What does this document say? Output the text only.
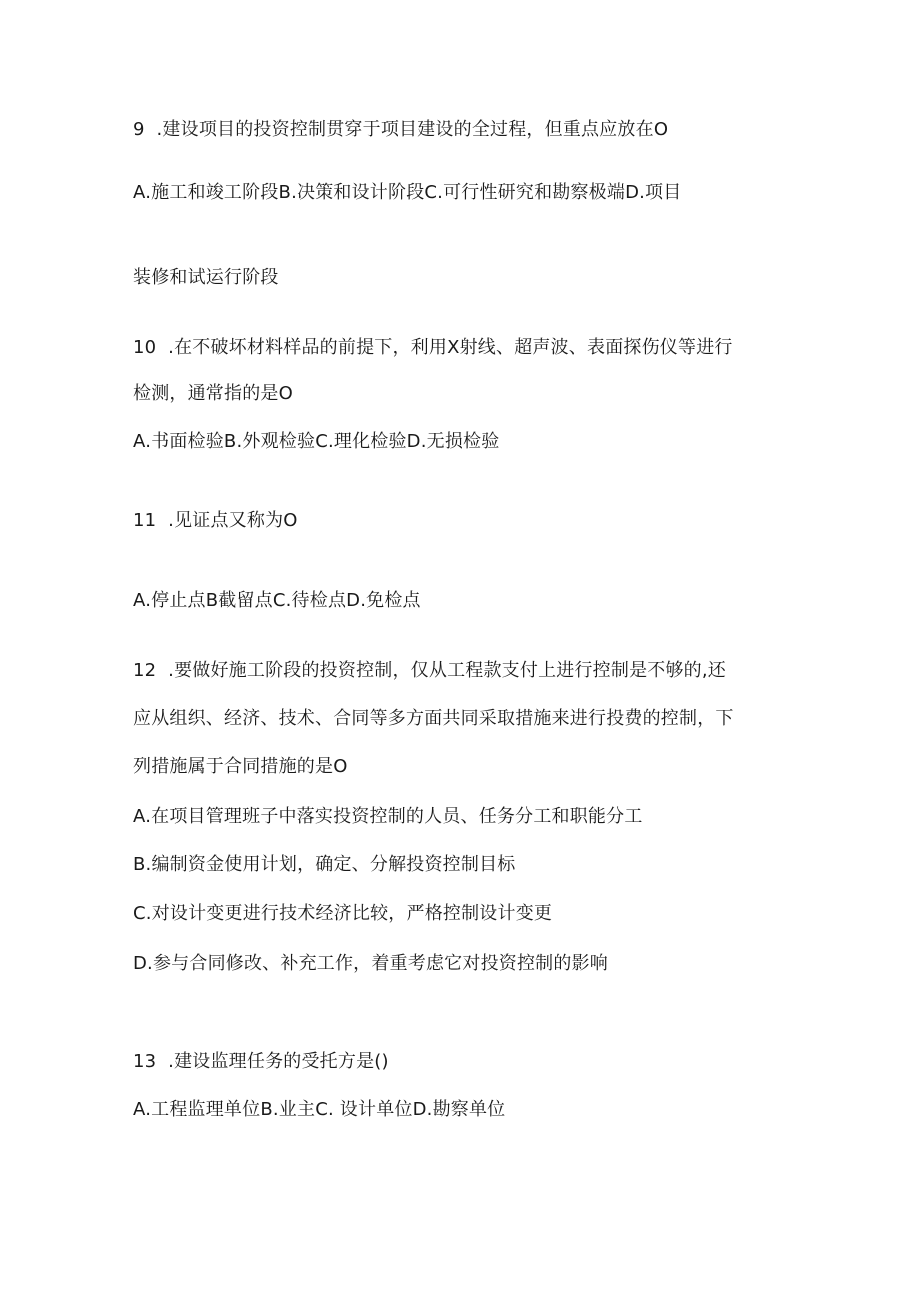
9  .建设项目的投资控制贯穿于项目建设的全过程，但重点应放在O
A.施工和竣工阶段B.决策和设计阶段C.可行性研究和勘察极端D.项目
装修和试运行阶段
10  .在不破坏材料样品的前提下，利用X射线、超声波、表面探伤仪等进行
检测，通常指的是O
A.书面检验B.外观检验C.理化检验D.无损检验
11  .见证点又称为O
A.停止点B截留点C.待检点D.免检点
12  .要做好施工阶段的投资控制，仅从工程款支付上进行控制是不够的,还
应从组织、经济、技术、合同等多方面共同采取措施来进行投费的控制，下
列措施属于合同措施的是O
A.在项目管理班子中落实投资控制的人员、任务分工和职能分工
B.编制资金使用计划，确定、分解投资控制目标
C.对设计变更进行技术经济比较，严格控制设计变更
D.参与合同修改、补充工作，着重考虑它对投资控制的影响
13  .建设监理任务的受托方是()
A.工程监理单位B.业主C. 设计单位D.勘察单位
